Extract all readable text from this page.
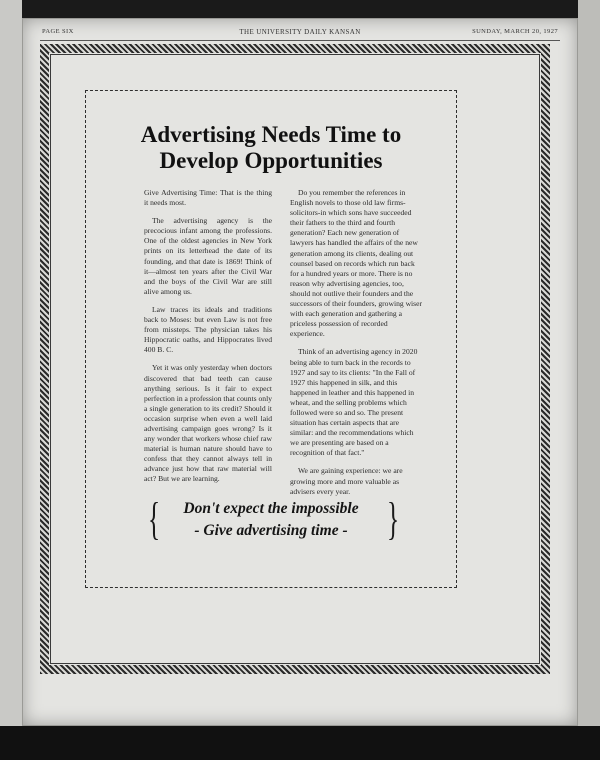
PAGE SIX	THE UNIVERSITY DAILY KANSAN	SUNDAY, MARCH 20, 1927
Advertising Needs Time to
Develop Opportunities

Give Advertising Time: That is the thing it needs most.

The advertising agency is the precocious infant among the professions. One of the oldest agencies in New York prints on its letterhead the date of its founding, and that date is 1869! Think of it—almost ten years after the Civil War and the boys of the Civil War are still alive among us.

Law traces its ideals and traditions back to Moses: but even Law is not free from missteps. The physician takes his Hippocratic oaths, and Hippocrates lived 400 B. C.

Yet it was only yesterday when doctors discovered that bad teeth can cause anything serious. Is it fair to expect perfection in a profession that counts only a single generation to its credit? Should it occasion surprise when even a well laid advertising campaign goes wrong? Is it any wonder that workers whose chief raw material is human nature should have to confess that they cannot always tell in advance just how that raw material will act? But we are learning.

Do you remember the references in English novels to those old law firms-solicitors-in which sons have succeeded their fathers to the third and fourth generation? Each new generation of lawyers has handled the affairs of the new generation among its clients, dealing out counsel based on records which run back for a hundred years or more. There is no reason why advertising agencies, too, should not outlive their founders and the successors of their founders, growing wiser with each generation and gathering a priceless possession of recorded experience.

Think of an advertising agency in 2020 being able to turn back in the records to 1927 and say to its clients: "In the Fall of 1927 this happened in silk, and this happened in leather and this happened in wheat, and the selling problems which followed were so and so. The present situation has certain aspects that are similar: and the recommendations which we are presenting are based on a recognition of that fact."

We are gaining experience: we are growing more and more valuable as advisers every year.

{	}
Don't expect the impossible
- Give advertising time -
